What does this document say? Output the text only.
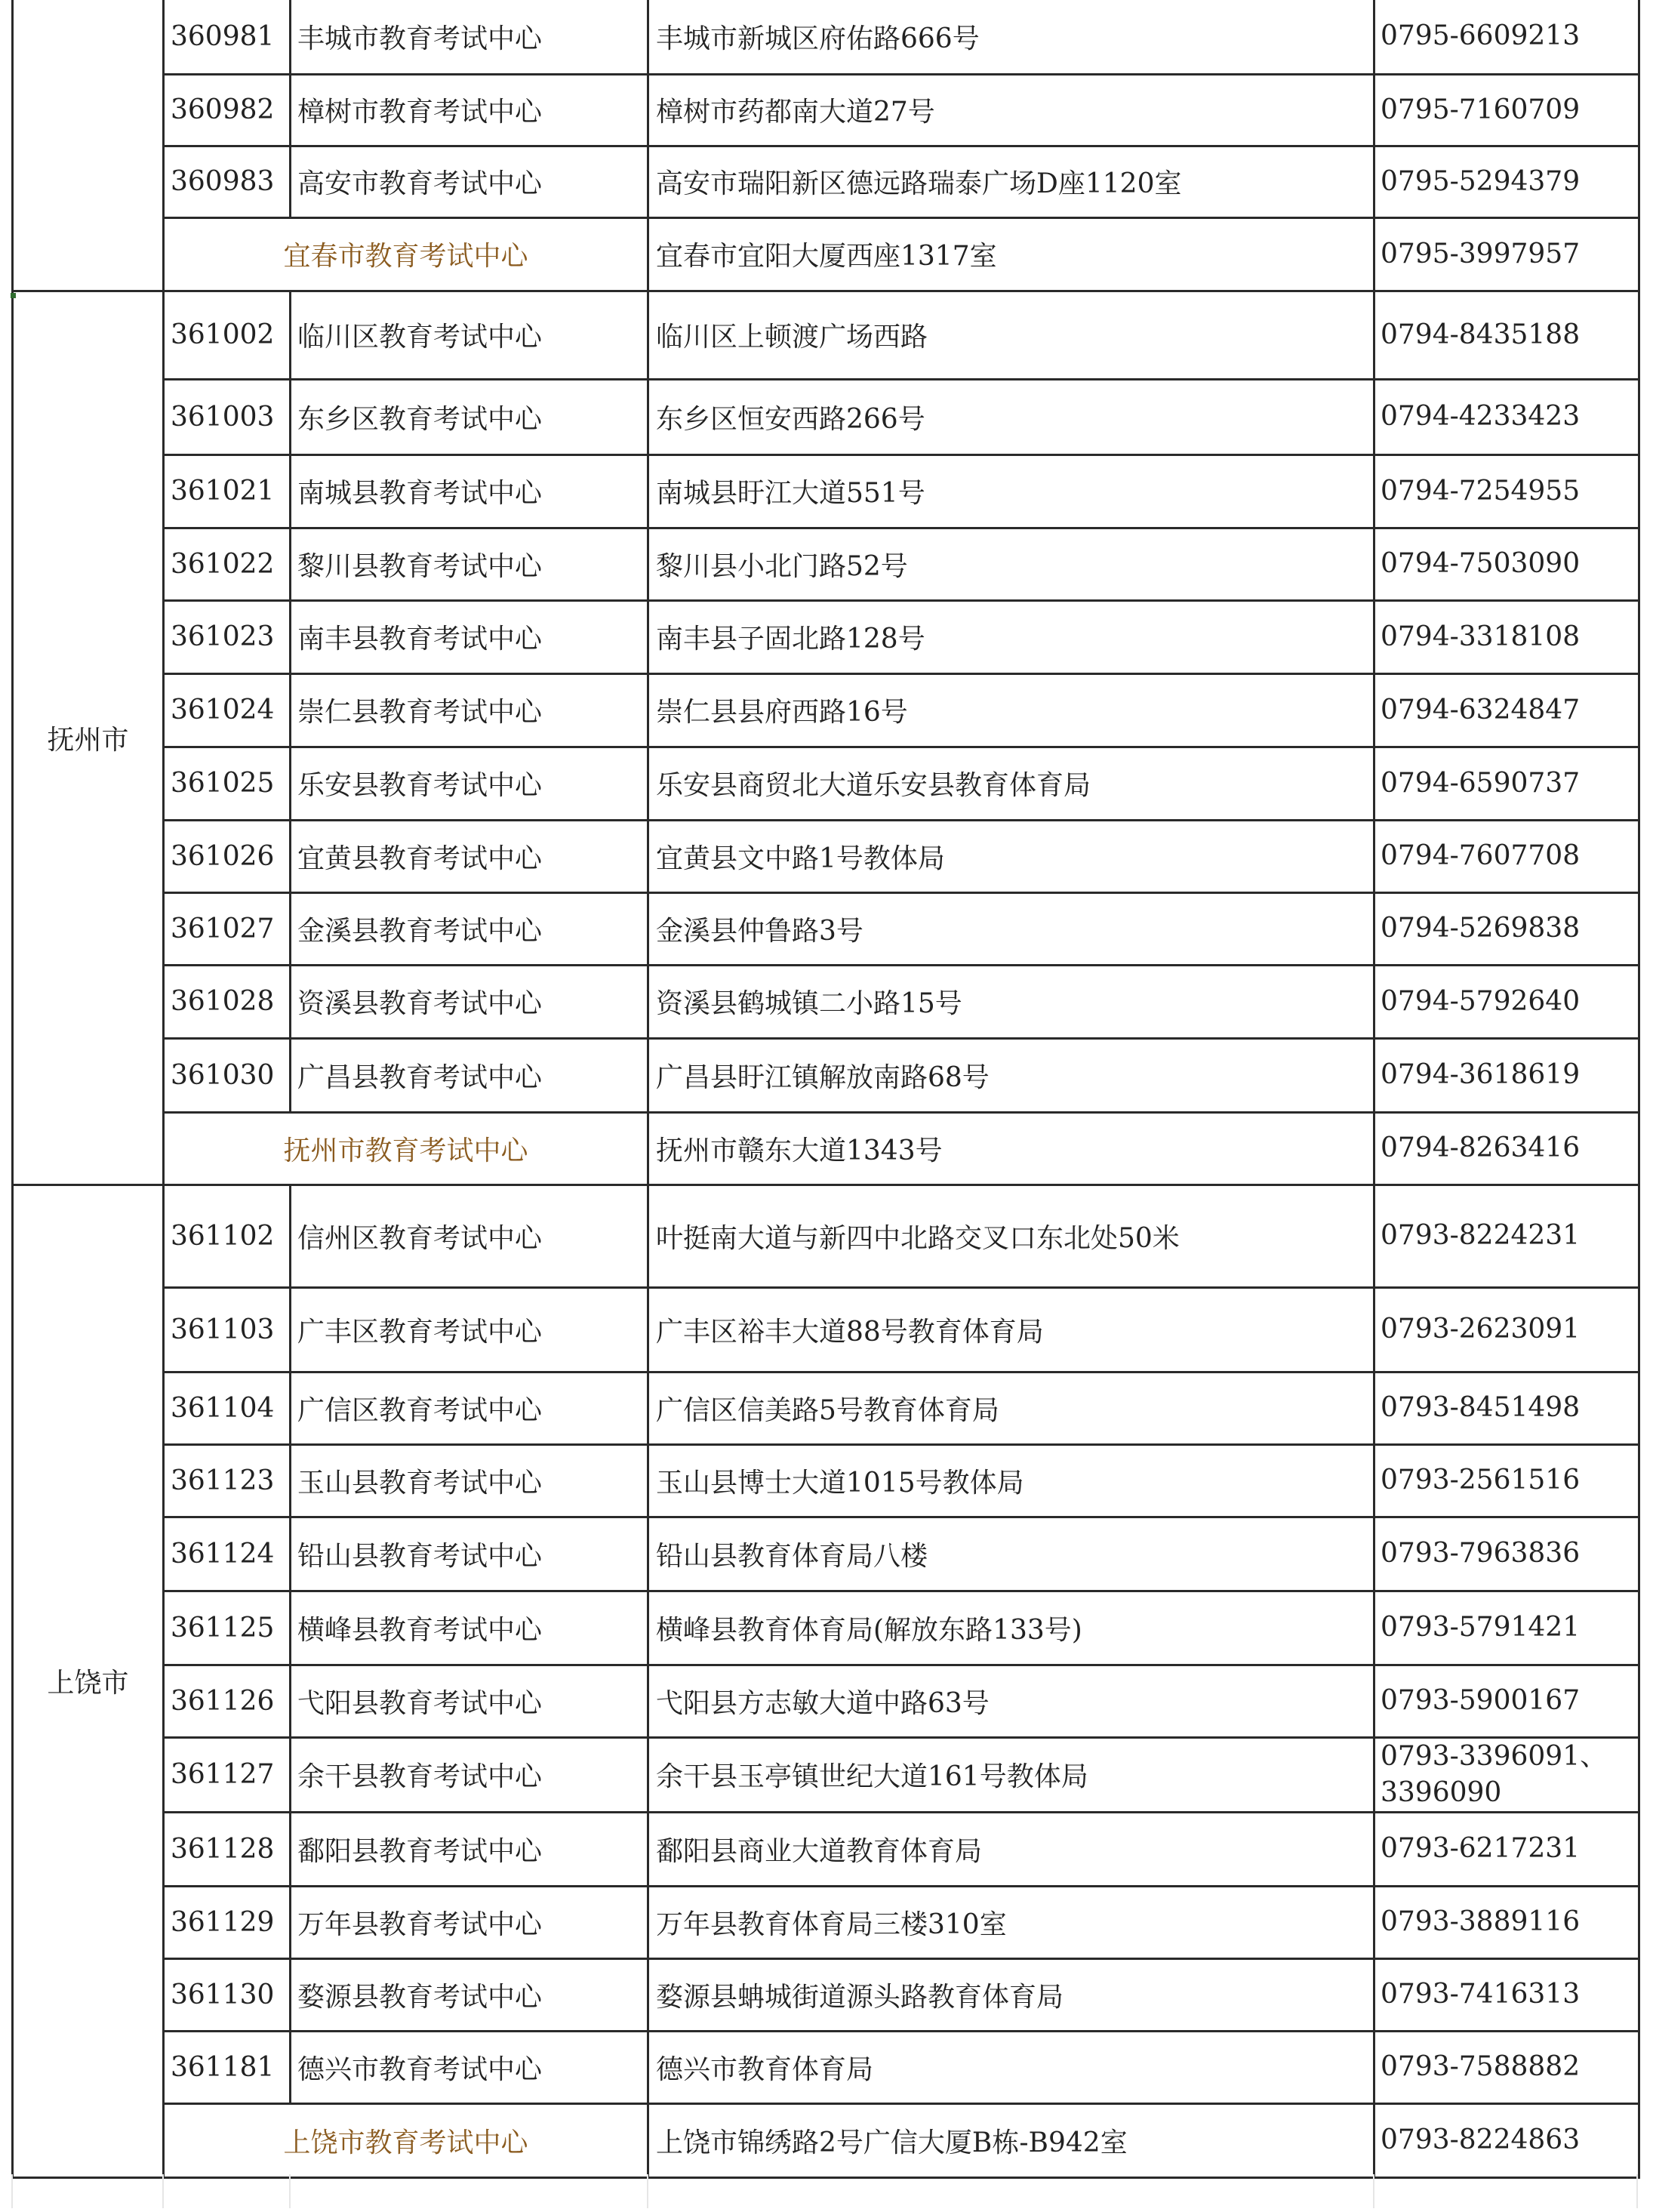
	360981	丰城市教育考试中心	丰城市新城区府佑路666号	0795-6609213
	360982	樟树市教育考试中心	樟树市药都南大道27号	0795-7160709
	360983	高安市教育考试中心	高安市瑞阳新区德远路瑞泰广场D座1120室	0795-5294379
	宜春市教育考试中心		宜春市宜阳大厦西座1317室	0795-3997957
抚州市	361002	临川区教育考试中心	临川区上顿渡广场西路	0794-8435188
	361003	东乡区教育考试中心	东乡区恒安西路266号	0794-4233423
	361021	南城县教育考试中心	南城县盱江大道551号	0794-7254955
	361022	黎川县教育考试中心	黎川县小北门路52号	0794-7503090
	361023	南丰县教育考试中心	南丰县子固北路128号	0794-3318108
	361024	崇仁县教育考试中心	崇仁县县府西路16号	0794-6324847
	361025	乐安县教育考试中心	乐安县商贸北大道乐安县教育体育局	0794-6590737
	361026	宜黄县教育考试中心	宜黄县文中路1号教体局	0794-7607708
	361027	金溪县教育考试中心	金溪县仲鲁路3号	0794-5269838
	361028	资溪县教育考试中心	资溪县鹤城镇二小路15号	0794-5792640
	361030	广昌县教育考试中心	广昌县盱江镇解放南路68号	0794-3618619
	抚州市教育考试中心		抚州市赣东大道1343号	0794-8263416
上饶市	361102	信州区教育考试中心	叶挺南大道与新四中北路交叉口东北处50米	0793-8224231
	361103	广丰区教育考试中心	广丰区裕丰大道88号教育体育局	0793-2623091
	361104	广信区教育考试中心	广信区信美路5号教育体育局	0793-8451498
	361123	玉山县教育考试中心	玉山县博士大道1015号教体局	0793-2561516
	361124	铅山县教育考试中心	铅山县教育体育局八楼	0793-7963836
	361125	横峰县教育考试中心	横峰县教育体育局(解放东路133号)	0793-5791421
	361126	弋阳县教育考试中心	弋阳县方志敏大道中路63号	0793-5900167
	361127	余干县教育考试中心	余干县玉亭镇世纪大道161号教体局	0793-3396091、3396090
	361128	鄱阳县教育考试中心	鄱阳县商业大道教育体育局	0793-6217231
	361129	万年县教育考试中心	万年县教育体育局三楼310室	0793-3889116
	361130	婺源县教育考试中心	婺源县蚺城街道源头路教育体育局	0793-7416313
	361181	德兴市教育考试中心	德兴市教育体育局	0793-7588882
	上饶市教育考试中心		上饶市锦绣路2号广信大厦B栋-B942室	0793-8224863
